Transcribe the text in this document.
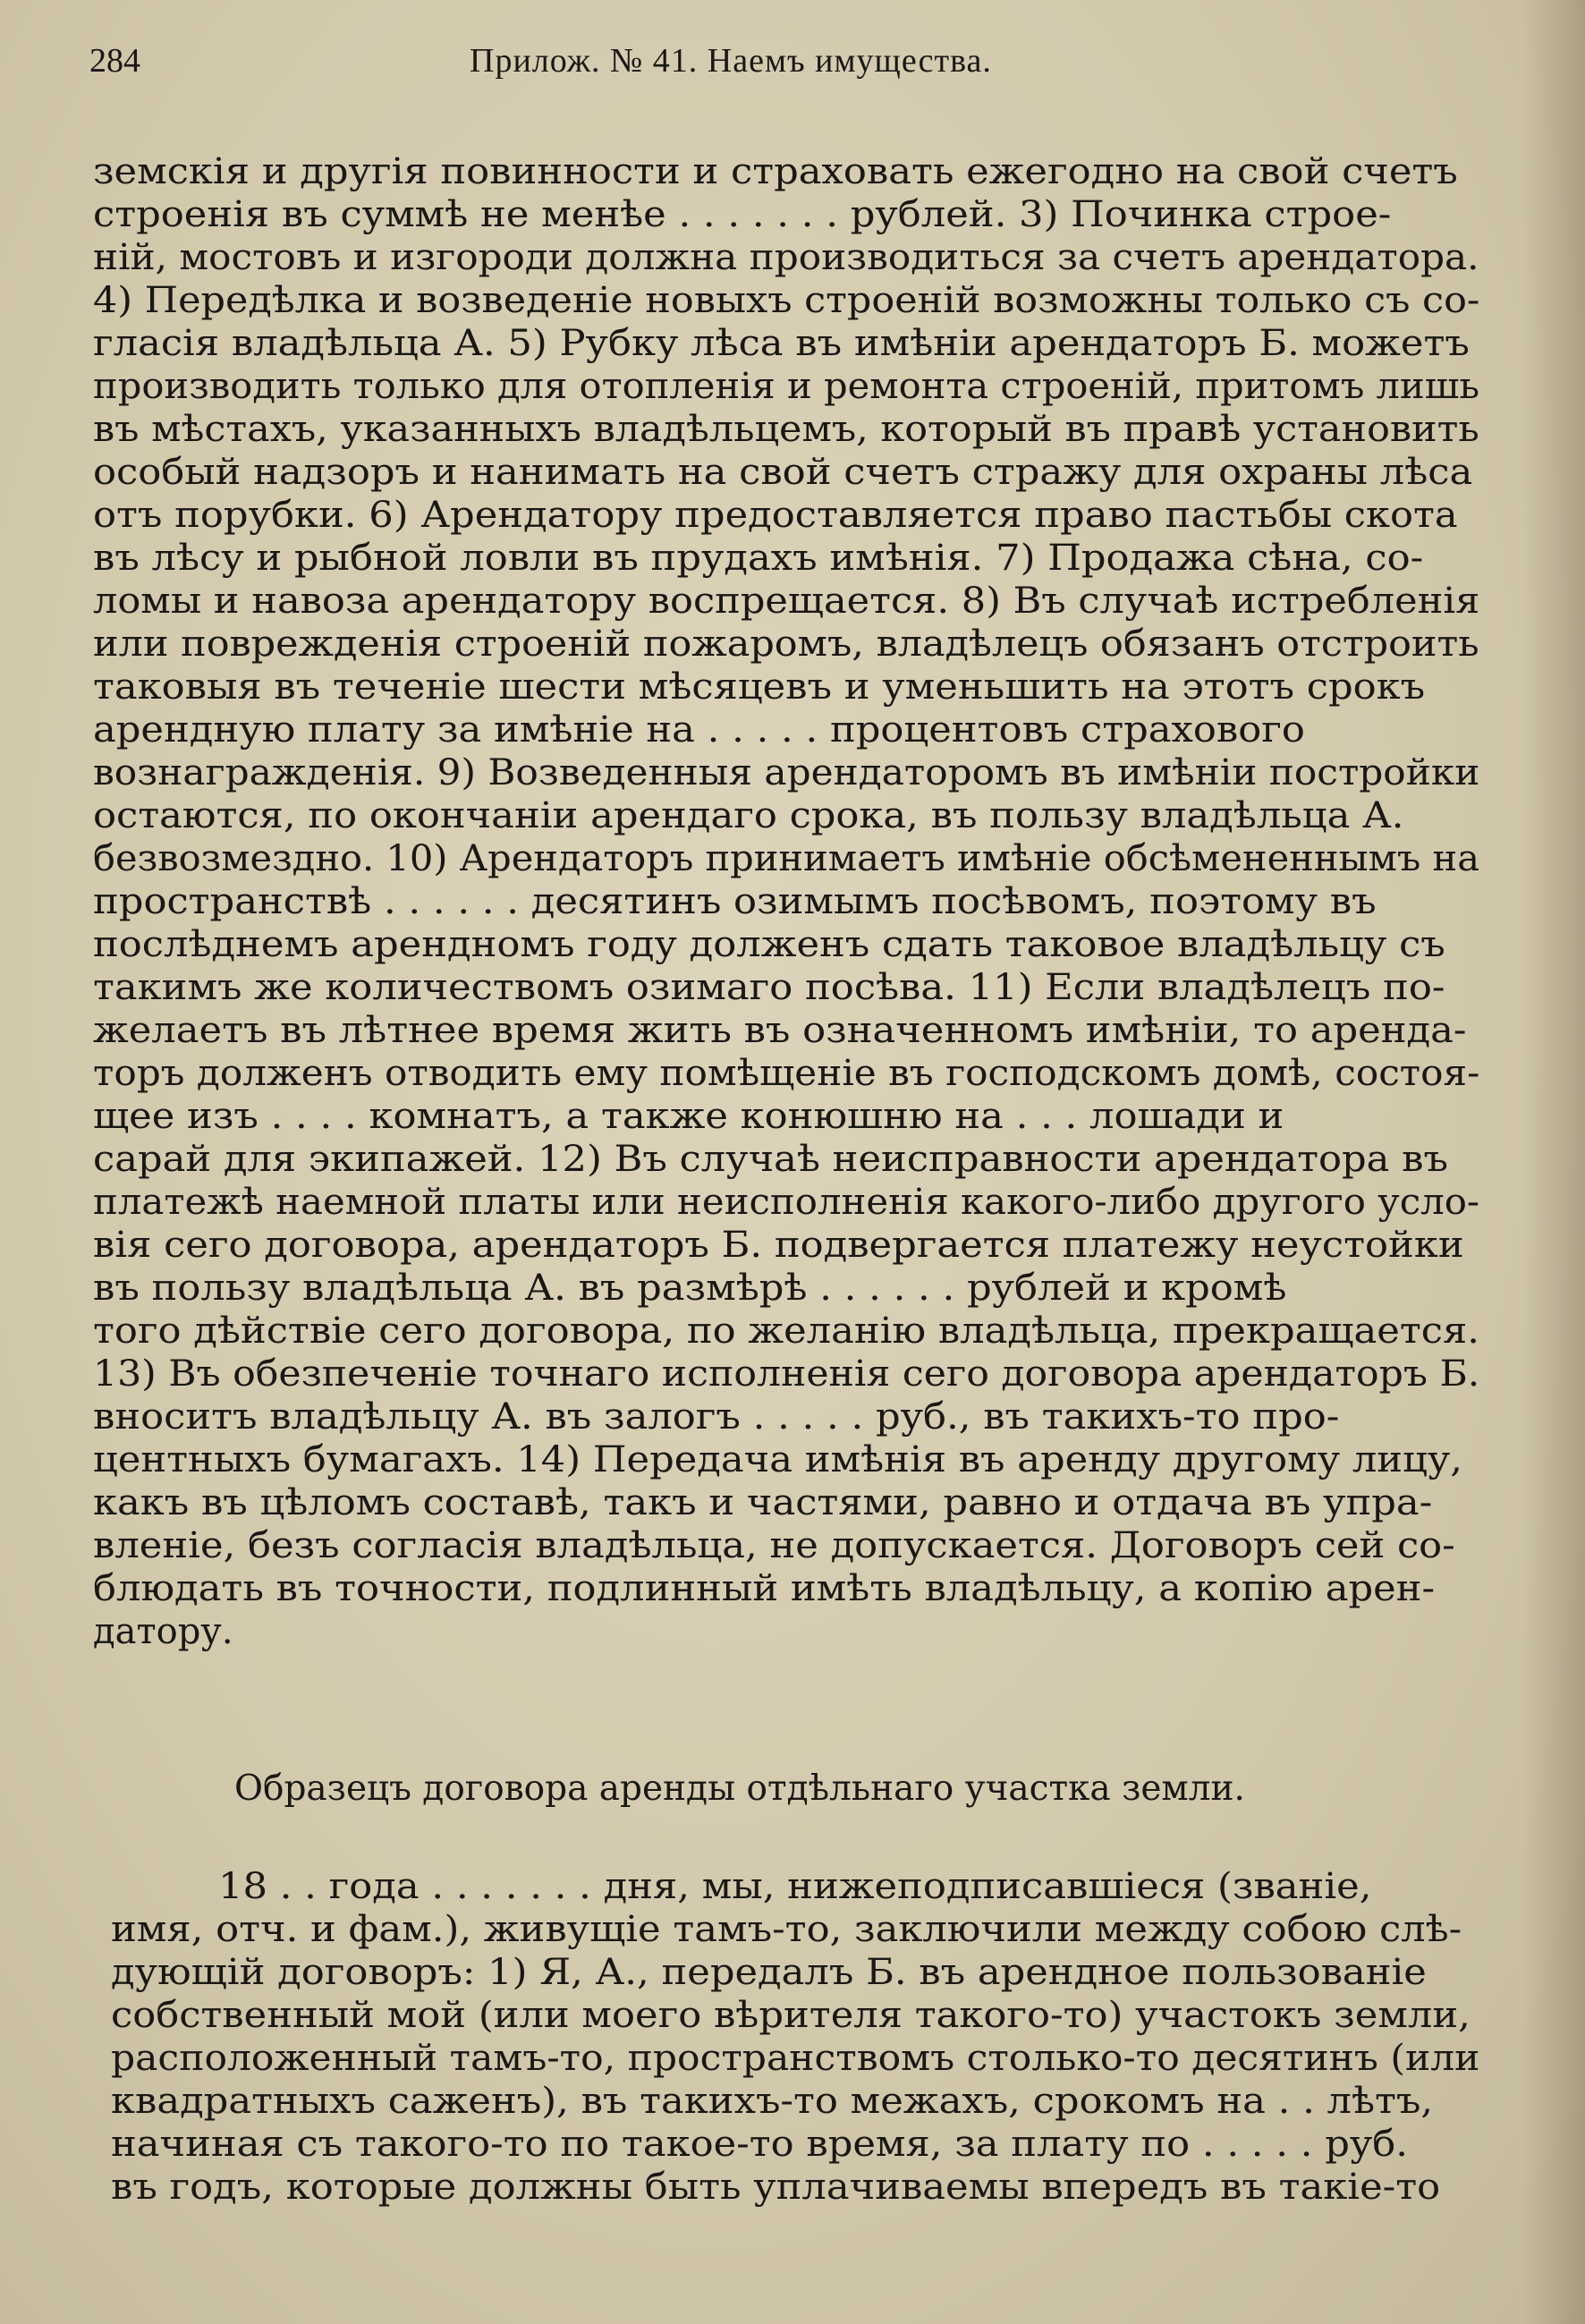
284	Прилож. № 41. Наемъ имущества.
земскія и другія повинности и страховать ежегодно на свой счетъ
строенія въ суммѣ не менѣе . . . . . . . рублей. 3) Починка строе-
ній, мостовъ и изгороди должна производиться за счетъ арендатора.
4) Передѣлка и возведеніе новыхъ строеній возможны только съ со-
гласія владѣльца А. 5) Рубку лѣса въ имѣніи арендаторъ Б. можетъ
производить только для отопленія и ремонта строеній, притомъ лишь
въ мѣстахъ, указанныхъ владѣльцемъ, который въ правѣ установить
особый надзоръ и нанимать на свой счетъ стражу для охраны лѣса
отъ порубки. 6) Арендатору предоставляется право пастьбы скота
въ лѣсу и рыбной ловли въ прудахъ имѣнія. 7) Продажа сѣна, со-
ломы и навоза арендатору воспрещается. 8) Въ случаѣ истребленія
или поврежденія строеній пожаромъ, владѣлецъ обязанъ отстроить
таковыя въ теченіе шести мѣсяцевъ и уменьшить на этотъ срокъ
арендную плату за имѣніе на . . . . . процентовъ страхового
вознагражденія. 9) Возведенныя арендаторомъ въ имѣніи постройки
остаются, по окончаніи арендаго срока, въ пользу владѣльца А.
безвозмездно. 10) Арендаторъ принимаетъ имѣніе обсѣмененнымъ на
пространствѣ . . . . . . десятинъ озимымъ посѣвомъ, поэтому въ
послѣднемъ арендномъ году долженъ сдать таковое владѣльцу съ
такимъ же количествомъ озимаго посѣва. 11) Если владѣлецъ по-
желаетъ въ лѣтнее время жить въ означенномъ имѣніи, то арендa-
торъ долженъ отводить ему помѣщеніе въ господскомъ домѣ, состоя-
щее изъ . . . . комнатъ, а также конюшню на . . . лошади и
сарай для экипажей. 12) Въ случаѣ неисправности арендатора въ
платежѣ наемной платы или неисполненія какого-либо другого усло-
вія сего договора, арендаторъ Б. подвергается платежу неустойки
въ пользу владѣльца А. въ размѣрѣ . . . . . . рублей и кромѣ
того дѣйствіе сего договора, по желанію владѣльца, прекращается.
13) Въ обезпеченіе точнаго исполненія сего договора арендаторъ Б.
вноситъ владѣльцу А. въ залогъ . . . . . руб., въ такихъ-то про-
центныхъ бумагахъ. 14) Передача имѣнія въ аренду другому лицу,
какъ въ цѣломъ составѣ, такъ и частями, равно и отдача въ упра-
вленіе, безъ согласія владѣльца, не допускается. Договоръ сей со-
блюдать въ точности, подлинный имѣть владѣльцу, а копію арен-
датору.
Образецъ договора аренды отдѣльнаго участка земли.
18 . . года . . . . . . . дня, мы, нижеподписавшіеся (званіе,
имя, отч. и фам.), живущіе тамъ-то, заключили между собою слѣ-
дующій договоръ: 1) Я, А., передалъ Б. въ арендное пользованіе
собственный мой (или моего вѣрителя такого-то) участокъ земли,
расположенный тамъ-то, пространствомъ столько-то десятинъ (или
квадратныхъ саженъ), въ такихъ-то межахъ, срокомъ на . . лѣтъ,
начиная съ такого-то по такое-то время, за плату по . . . . . руб.
въ годъ, которые должны быть уплачиваемы впередъ въ такіе-то
